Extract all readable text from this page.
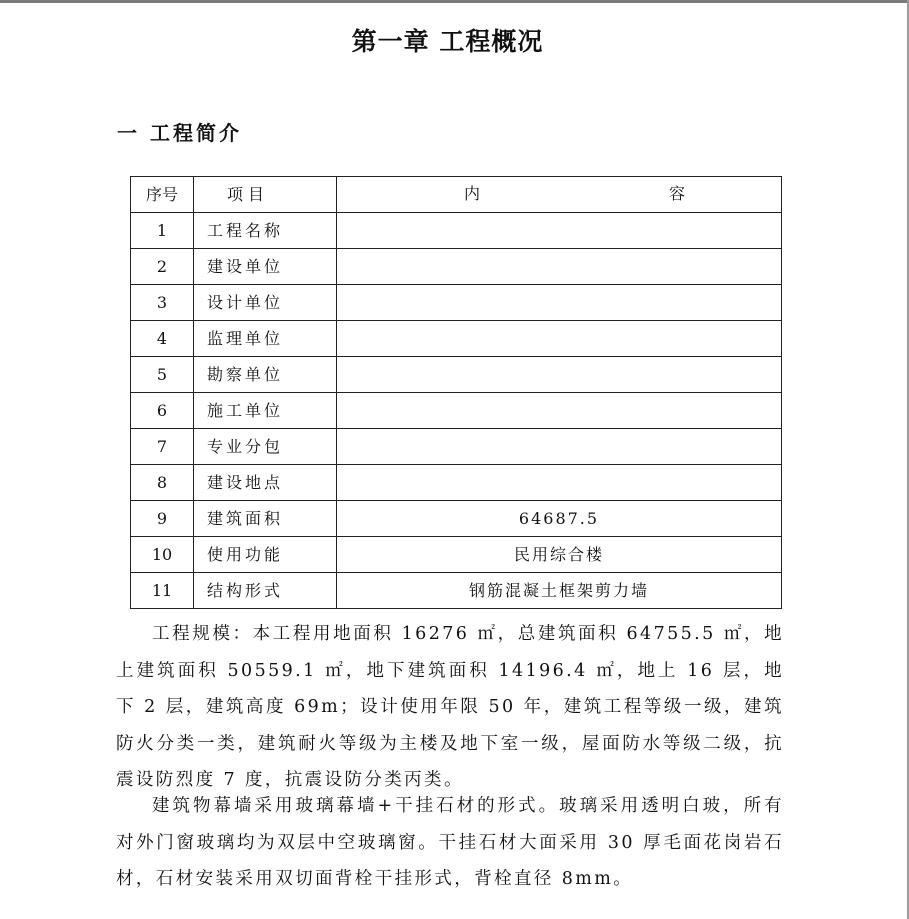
第一章 工程概况
一 工程简介
序号	项目	内 容

1	工程名称	
2	建设单位	
3	设计单位	
4	监理单位	
5	勘察单位	
6	施工单位	
7	专业分包	
8	建设地点	
9	建筑面积	64687.5
10	使用功能	民用综合楼
11	结构形式	钢筋混凝土框架剪力墙

工程规模：本工程用地面积 16276 ㎡，总建筑面积 64755.5 ㎡，地上建筑面积 50559.1 ㎡，地下建筑面积 14196.4 ㎡，地上 16 层，地下 2 层，建筑高度 69m；设计使用年限 50 年，建筑工程等级一级，建筑防火分类一类，建筑耐火等级为主楼及地下室一级，屋面防水等级二级，抗震设防烈度 7 度，抗震设防分类丙类。

建筑物幕墙采用玻璃幕墙+干挂石材的形式。玻璃采用透明白玻，所有对外门窗玻璃均为双层中空玻璃窗。干挂石材大面采用 30 厚毛面花岗岩石材，石材安装采用双切面背栓干挂形式，背栓直径 8mm。
